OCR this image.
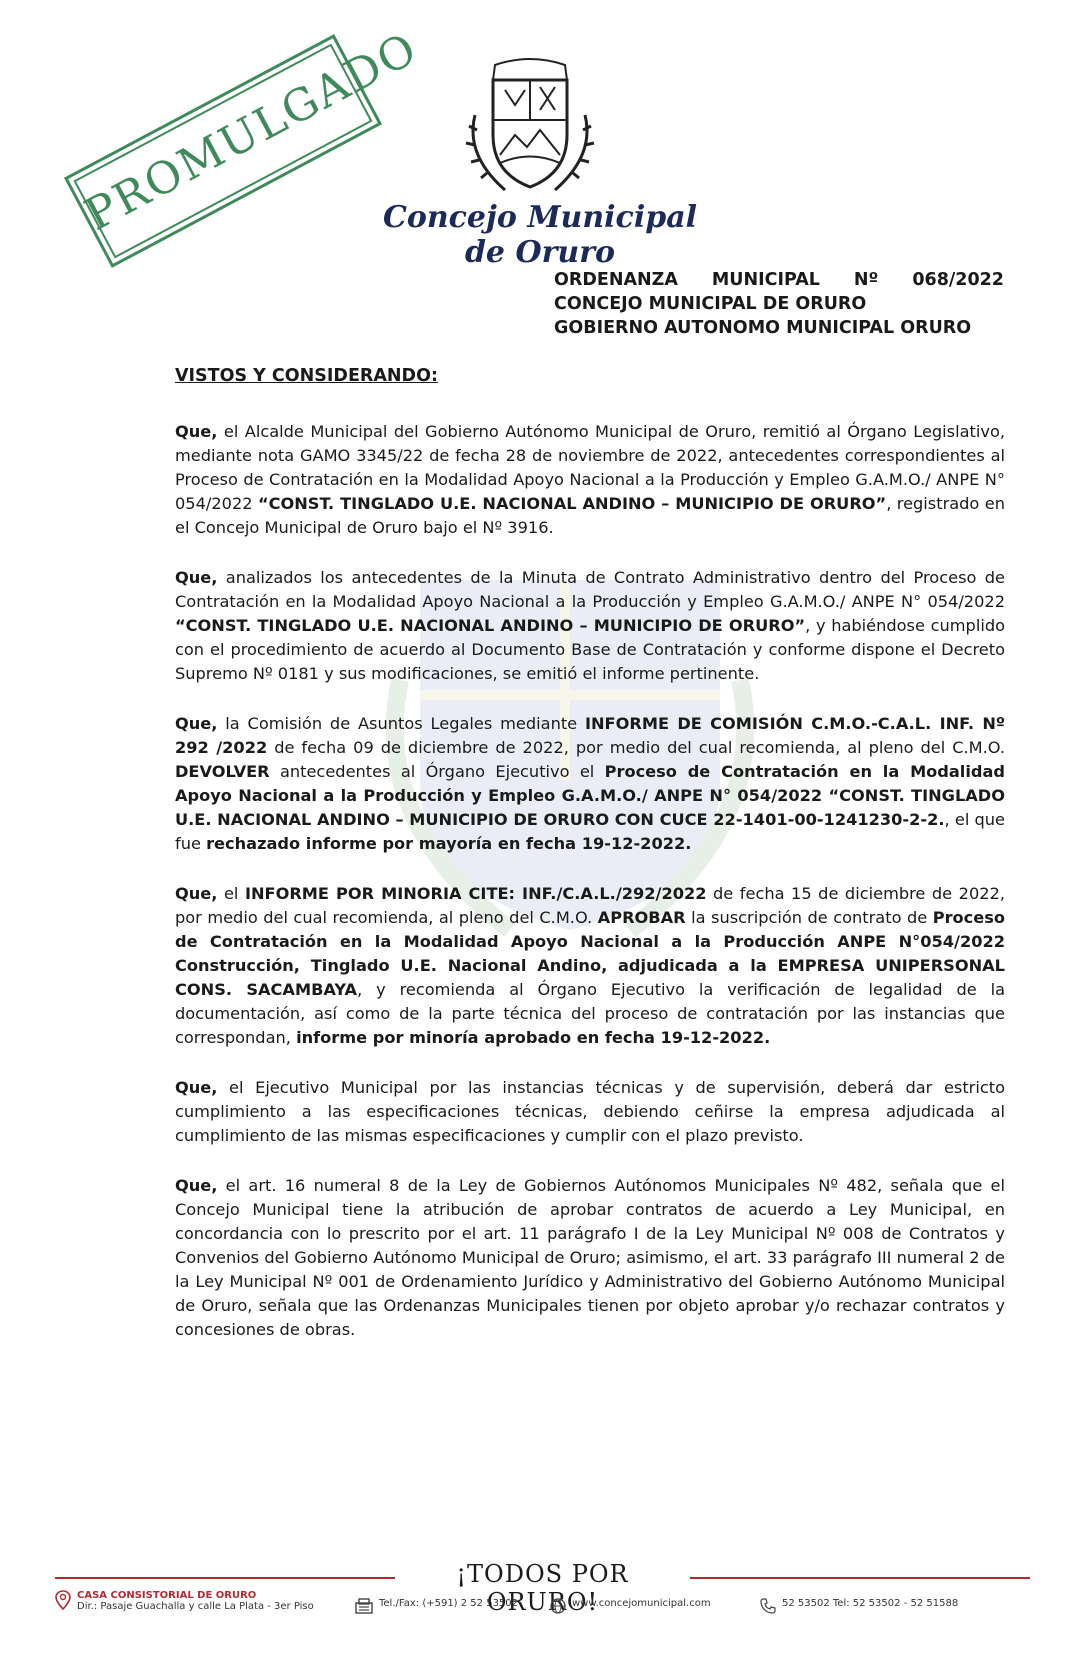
PROMULGADO
Concejo Municipal de Oruro
ORDENANZA MUNICIPAL Nº 068/2022
CONCEJO MUNICIPAL DE ORURO
GOBIERNO AUTONOMO MUNICIPAL ORURO
VISTOS Y CONSIDERANDO:

Que, el Alcalde Municipal del Gobierno Autónomo Municipal de Oruro, remitió al Órgano Legislativo, mediante nota GAMO 3345/22 de fecha 28 de noviembre de 2022, antecedentes correspondientes al Proceso de Contratación en la Modalidad Apoyo Nacional a la Producción y Empleo G.A.M.O./ ANPE N° 054/2022 “CONST. TINGLADO U.E. NACIONAL ANDINO – MUNICIPIO DE ORURO”, registrado en el Concejo Municipal de Oruro bajo el Nº 3916.

Que, analizados los antecedentes de la Minuta de Contrato Administrativo dentro del Proceso de Contratación en la Modalidad Apoyo Nacional a la Producción y Empleo G.A.M.O./ ANPE N° 054/2022 “CONST. TINGLADO U.E. NACIONAL ANDINO – MUNICIPIO DE ORURO”, y habiéndose cumplido con el procedimiento de acuerdo al Documento Base de Contratación y conforme dispone el Decreto Supremo Nº 0181 y sus modificaciones, se emitió el informe pertinente.

Que, la Comisión de Asuntos Legales mediante INFORME DE COMISIÓN C.M.O.-C.A.L. INF. Nº 292 /2022 de fecha 09 de diciembre de 2022, por medio del cual recomienda, al pleno del C.M.O. DEVOLVER antecedentes al Órgano Ejecutivo el Proceso de Contratación en la Modalidad Apoyo Nacional a la Producción y Empleo G.A.M.O./ ANPE N° 054/2022 “CONST. TINGLADO U.E. NACIONAL ANDINO – MUNICIPIO DE ORURO CON CUCE 22-1401-00-1241230-2-2., el que fue rechazado informe por mayoría en fecha 19-12-2022.

Que, el INFORME POR MINORIA CITE: INF./C.A.L./292/2022 de fecha 15 de diciembre de 2022, por medio del cual recomienda, al pleno del C.M.O. APROBAR la suscripción de contrato de Proceso de Contratación en la Modalidad Apoyo Nacional a la Producción ANPE N°054/2022 Construcción, Tinglado U.E. Nacional Andino, adjudicada a la EMPRESA UNIPERSONAL CONS. SACAMBAYA, y recomienda al Órgano Ejecutivo la verificación de legalidad de la documentación, así como de la parte técnica del proceso de contratación por las instancias que correspondan, informe por minoría aprobado en fecha 19-12-2022.

Que, el Ejecutivo Municipal por las instancias técnicas y de supervisión, deberá dar estricto cumplimiento a las especificaciones técnicas, debiendo ceñirse la empresa adjudicada al cumplimiento de las mismas especificaciones y cumplir con el plazo previsto.

Que, el art. 16 numeral 8 de la Ley de Gobiernos Autónomos Municipales Nº 482, señala que el Concejo Municipal tiene la atribución de aprobar contratos de acuerdo a Ley Municipal, en concordancia con lo prescrito por el art. 11 parágrafo I de la Ley Municipal Nº 008 de Contratos y Convenios del Gobierno Autónomo Municipal de Oruro; asimismo, el art. 33 parágrafo III numeral 2 de la Ley Municipal Nº 001 de Ordenamiento Jurídico y Administrativo del Gobierno Autónomo Municipal de Oruro, señala que las Ordenanzas Municipales tienen por objeto aprobar y/o rechazar contratos y concesiones de obras.

¡TODOS POR ORURO!
CASA CONSISTORIAL DE ORURO
Dir.: Pasaje Guachalla y calle La Plata - 3er Piso	Tel./Fax: (+591) 2 52 53502	www.concejomunicipal.com	52 53502 Tel: 52 53502 - 52 51588
